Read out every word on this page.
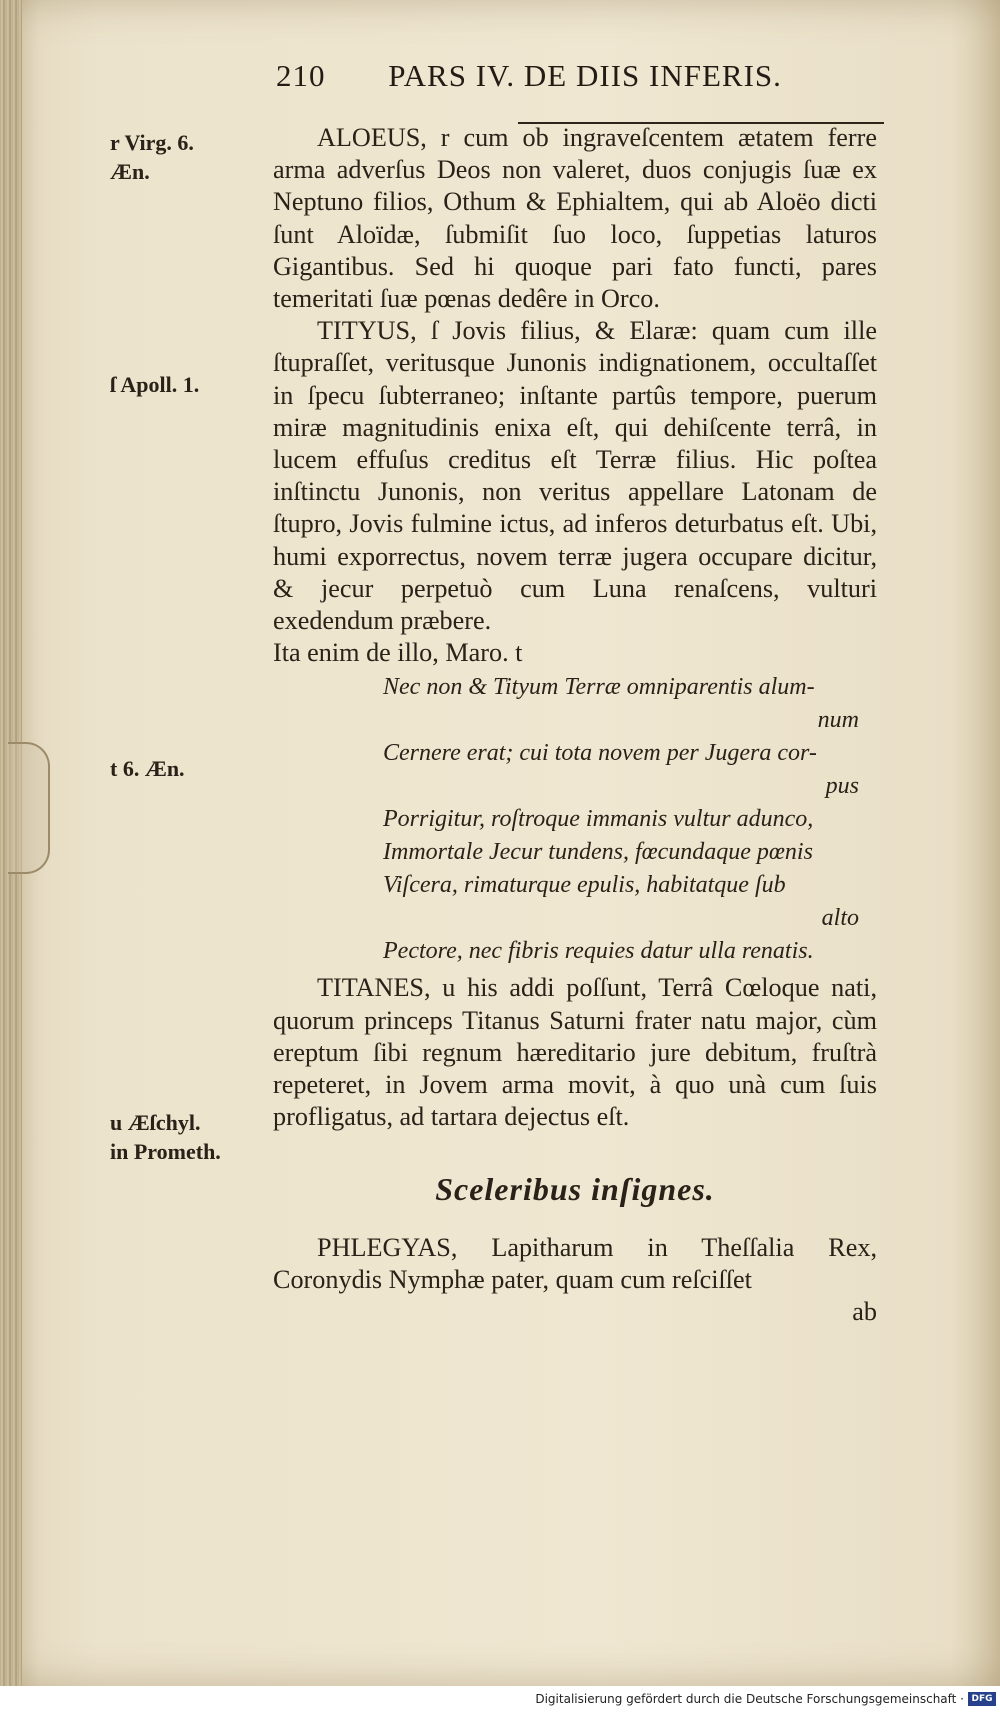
210 PARS IV. DE DIIS INFERIS.
r Virg. 6.
Æn.
ſ Apoll. 1.
t 6. Æn.
u Æſchyl.
in Prometh.

ALOEUS, r cum ob ingraveſcentem ætatem ferre arma adverſus Deos non valeret, duos conjugis ſuæ ex Neptuno filios, Othum & Ephialtem, qui ab Aloëo dicti ſunt Aloïdæ, ſubmiſit ſuo loco, ſuppetias laturos Gigantibus. Sed hi quoque pari fato functi, pares temeritati ſuæ pœnas dedêre in Orco.

TITYUS, ſ Jovis filius, & Elaræ: quam cum ille ſtupraſſet, veritusque Junonis indignationem, occultaſſet in ſpecu ſubterraneo; inſtante partûs tempore, puerum miræ magnitudinis enixa eſt, qui dehiſcente terrâ, in lucem effuſus creditus eſt Terræ filius. Hic poſtea inſtinctu Junonis, non veritus appellare Latonam de ſtupro, Jovis fulmine ictus, ad inferos deturbatus eſt. Ubi, humi exporrectus, novem terræ jugera occupare dicitur, & jecur perpetuò cum Luna renaſcens, vulturi exedendum præbere.

Ita enim de illo, Maro. t

Nec non & Tityum Terræ omniparentis alum-
num
Cernere erat; cui tota novem per Jugera cor-
pus
Porrigitur, roſtroque immanis vultur adunco,
Immortale Jecur tundens, fœcundaque pœnis
Viſcera, rimaturque epulis, habitatque ſub
alto
Pectore, nec fibris requies datur ulla renatis.

TITANES, u his addi poſſunt, Terrâ Cœloque nati, quorum princeps Titanus Saturni frater natu major, cùm ereptum ſibi regnum hæreditario jure debitum, fruſtrà repeteret, in Jovem arma movit, à quo unà cum ſuis profligatus, ad tartara dejectus eſt.

Sceleribus inſignes.

PHLEGYAS, Lapitharum in Theſſalia Rex, Coronydis Nymphæ pater, quam cum reſciſſet

ab
Digitalisierung gefördert durch die Deutsche Forschungsgemeinschaft · DFG
